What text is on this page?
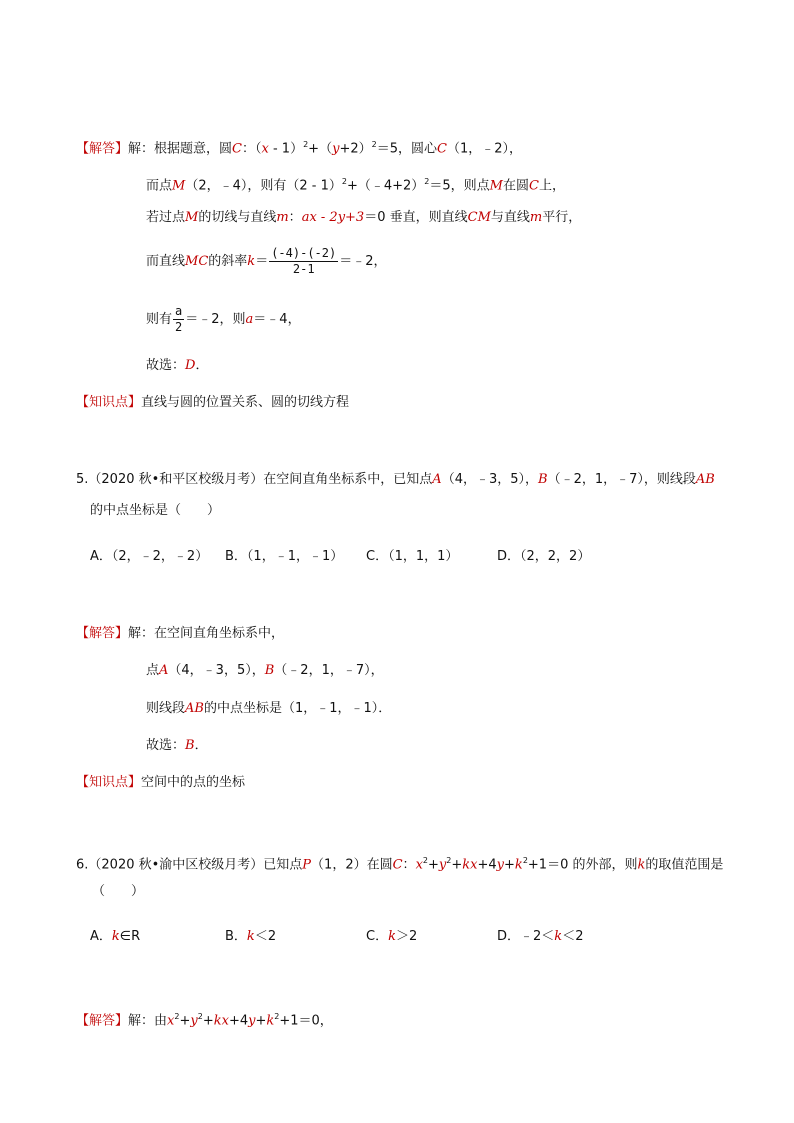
【解答】解：根据题意，圆C：$(x - 1)^2+(y+2)^2=5$，圆心C（1，﹣2），
而点M（2，﹣4），则有（2 - 1）$^2$+（﹣4+2）$^2$＝5，则点M在圆C上，
若过点M的切线与直线m：ax - 2y+3＝0 垂直，则直线CM与直线m平行，
而直线MC的斜率$k= \frac{(-4)-(-2)}{2-1}$ ＝﹣2，
则有 $\frac{a}{2}$ ＝﹣2，则a＝﹣4，
故选：D．
【知识点】直线与圆的位置关系、圆的切线方程
5.（2020 秋•和平区校级月考）在空间直角坐标系中，已知点A（4，﹣3，5），B（﹣2，1，﹣7），则线段AB
的中点坐标是（　　）
A．（2，﹣2，﹣2） B．（1，﹣1，﹣1） C．（1，1，1）	D．（2，2，2）
【解答】解：在空间直角坐标系中，
点A（4，﹣3，5），B（﹣2，1，﹣7），
则线段AB的中点坐标是（1，﹣1，﹣1）．
故选：B．
【知识点】空间中的点的坐标
6.（2020 秋•渝中区校级月考）已知点P（1，2）在圆C：$x^2+y^2+kx+4y+k^2+1=0$ 的外部，则k的取值范围是
（　　）
A．k∈R	B．k＜2	C．k＞2	D．﹣2＜k＜2
【解答】解：由$x^2+y^2+kx+4y+k^2+1=0$，
